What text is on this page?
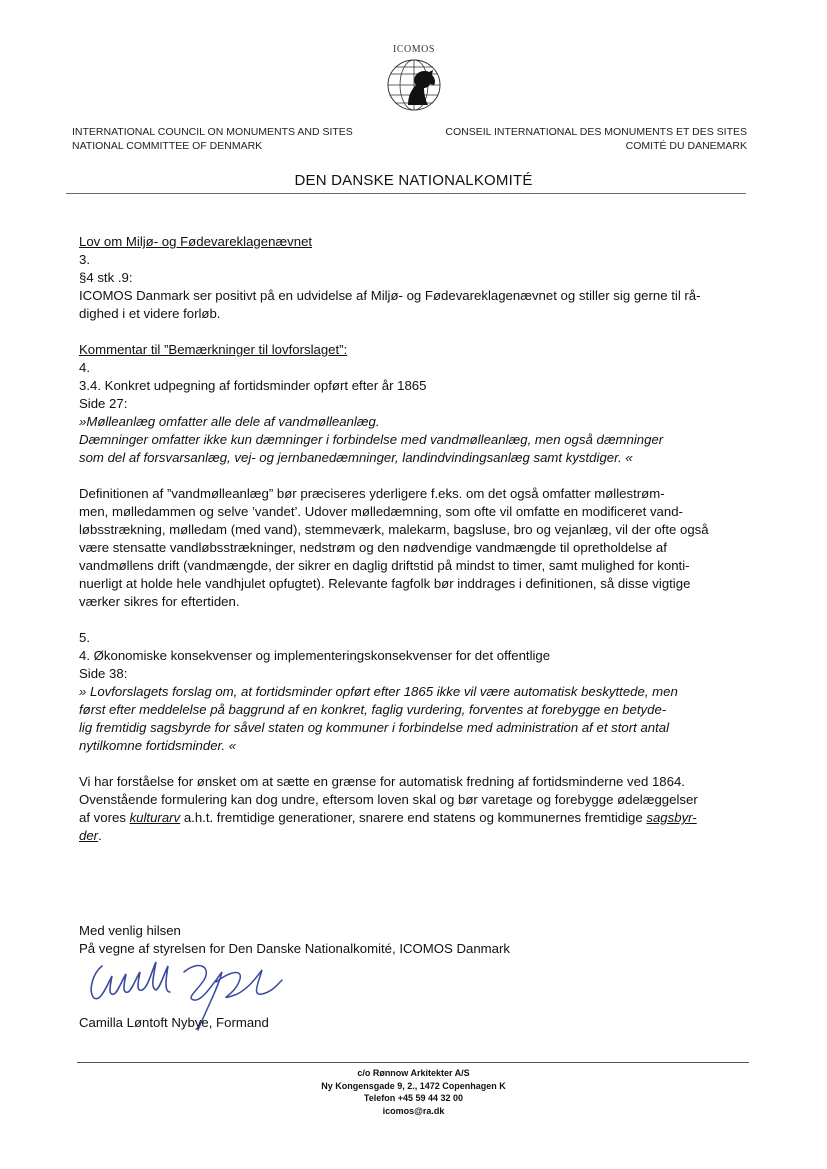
ICOMOS
INTERNATIONAL COUNCIL ON MONUMENTS AND SITES
NATIONAL COMMITTEE OF DENMARK
CONSEIL INTERNATIONAL DES MONUMENTS ET DES SITES
COMITÉ DU DANEMARK
DEN DANSKE NATIONALKOMITÉ

Lov om Miljø- og Fødevareklagenævnet

3.

§4 stk .9:

ICOMOS Danmark ser positivt på en udvidelse af Miljø- og Fødevareklagenævnet og stiller sig gerne til rå-

dighed i et videre forløb.

Kommentar til ”Bemærkninger til lovforslaget”:

4.

3.4. Konkret udpegning af fortidsminder opført efter år 1865

Side 27:

»Mølleanlæg omfatter alle dele af vandmølleanlæg.

Dæmninger omfatter ikke kun dæmninger i forbindelse med vandmølleanlæg, men også dæmninger

som del af forsvarsanlæg, vej- og jernbanedæmninger, landindvindingsanlæg samt kystdiger. «

Definitionen af ”vandmølleanlæg” bør præciseres yderligere f.eks. om det også omfatter møllestrøm-

men, mølledammen og selve ’vandet’. Udover mølledæmning, som ofte vil omfatte en modificeret vand-

løbsstrækning, mølledam (med vand), stemmeværk, malekarm, bagsluse, bro og vejanlæg, vil der ofte også

være stensatte vandløbsstrækninger, nedstrøm og den nødvendige vandmængde til opretholdelse af

vandmøllens drift (vandmængde, der sikrer en daglig driftstid på mindst to timer, samt mulighed for konti-

nuerligt at holde hele vandhjulet opfugtet). Relevante fagfolk bør inddrages i definitionen, så disse vigtige

værker sikres for eftertiden.

5.

4. Økonomiske konsekvenser og implementeringskonsekvenser for det offentlige

Side 38:

» Lovforslagets forslag om, at fortidsminder opført efter 1865 ikke vil være automatisk beskyttede, men

først efter meddelelse på baggrund af en konkret, faglig vurdering, forventes at forebygge en betyde-

lig fremtidig sagsbyrde for såvel staten og kommuner i forbindelse med administration af et stort antal

nytilkomne fortidsminder. «

Vi har forståelse for ønsket om at sætte en grænse for automatisk fredning af fortidsminderne ved 1864.

Ovenstående formulering kan dog undre, eftersom loven skal og bør varetage og forebygge ødelæggelser

af vores kulturarv a.h.t. fremtidige generationer, snarere end statens og kommunernes fremtidige sagsbyr-

der.

Med venlig hilsen

På vegne af styrelsen for Den Danske Nationalkomité, ICOMOS Danmark

Camilla Løntoft Nybye, Formand
c/o Rønnow Arkitekter A/S
Ny Kongensgade 9, 2., 1472 Copenhagen K
Telefon +45 59 44 32 00
icomos@ra.dk
